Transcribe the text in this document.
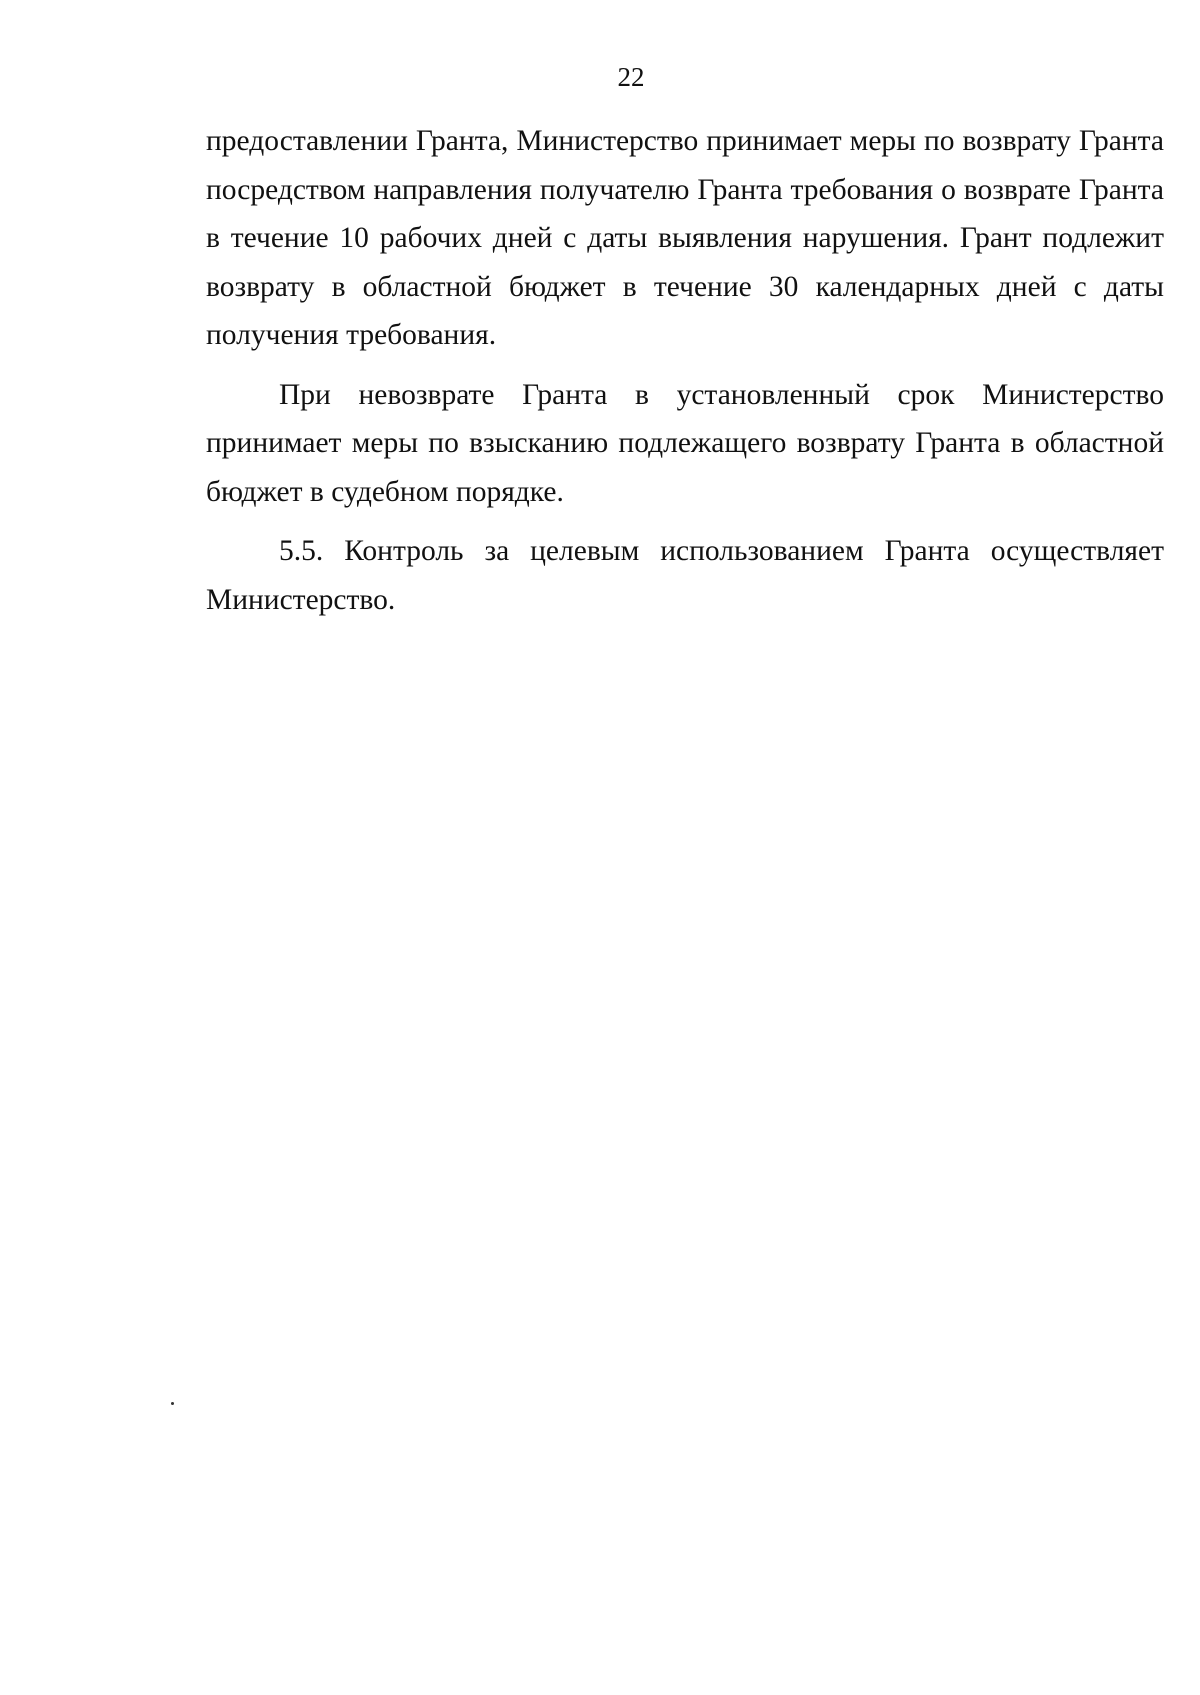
22

предоставлении Гранта, Министерство принимает меры по возврату Гранта посредством направления получателю Гранта требования о возврате Гранта в течение 10 рабочих дней с даты выявления нарушения. Грант подлежит возврату в областной бюджет в течение 30 календарных дней с даты получения требования.

При невозврате Гранта в установленный срок Министерство принимает меры по взысканию подлежащего возврату Гранта в областной бюджет в судебном порядке.

5.5. Контроль за целевым использованием Гранта осуществляет Министерство.
